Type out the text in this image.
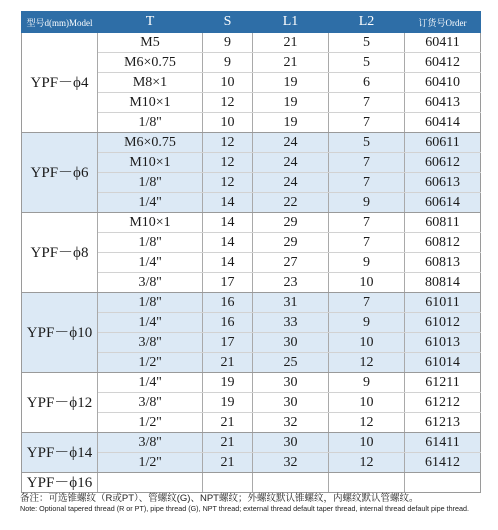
型号d(mm)Model	T	S	L1	L2	订货号Order
YPF－ϕ4	M5	9	21	5	60411
	M6×0.75	9	21	5	60412
	M8×1	10	19	6	60410
	M10×1	12	19	7	60413
	1/8''	10	19	7	60414
YPF－ϕ6	M6×0.75	12	24	5	60611
	M10×1	12	24	7	60612
	1/8''	12	24	7	60613
	1/4''	14	22	9	60614
YPF－ϕ8	M10×1	14	29	7	60811
	1/8''	14	29	7	60812
	1/4''	14	27	9	60813
	3/8''	17	23	10	80814
YPF－ϕ10	1/8''	16	31	7	61011
	1/4''	16	33	9	61012
	3/8''	17	30	10	61013
	1/2''	21	25	12	61014
YPF－ϕ12	1/4''	19	30	9	61211
	3/8''	19	30	10	61212
	1/2''	21	32	12	61213
YPF－ϕ14	3/8''	21	30	10	61411
	1/2''	21	32	12	61412
YPF－ϕ16					
备注：可选锥螺纹（R或PT）、管螺纹(G)、NPT螺纹；外螺纹默认锥螺纹，内螺纹默认管螺纹。
Note: Optional tapered thread (R or PT), pipe thread (G), NPT thread; external thread default taper thread, internal thread default pipe thread.
